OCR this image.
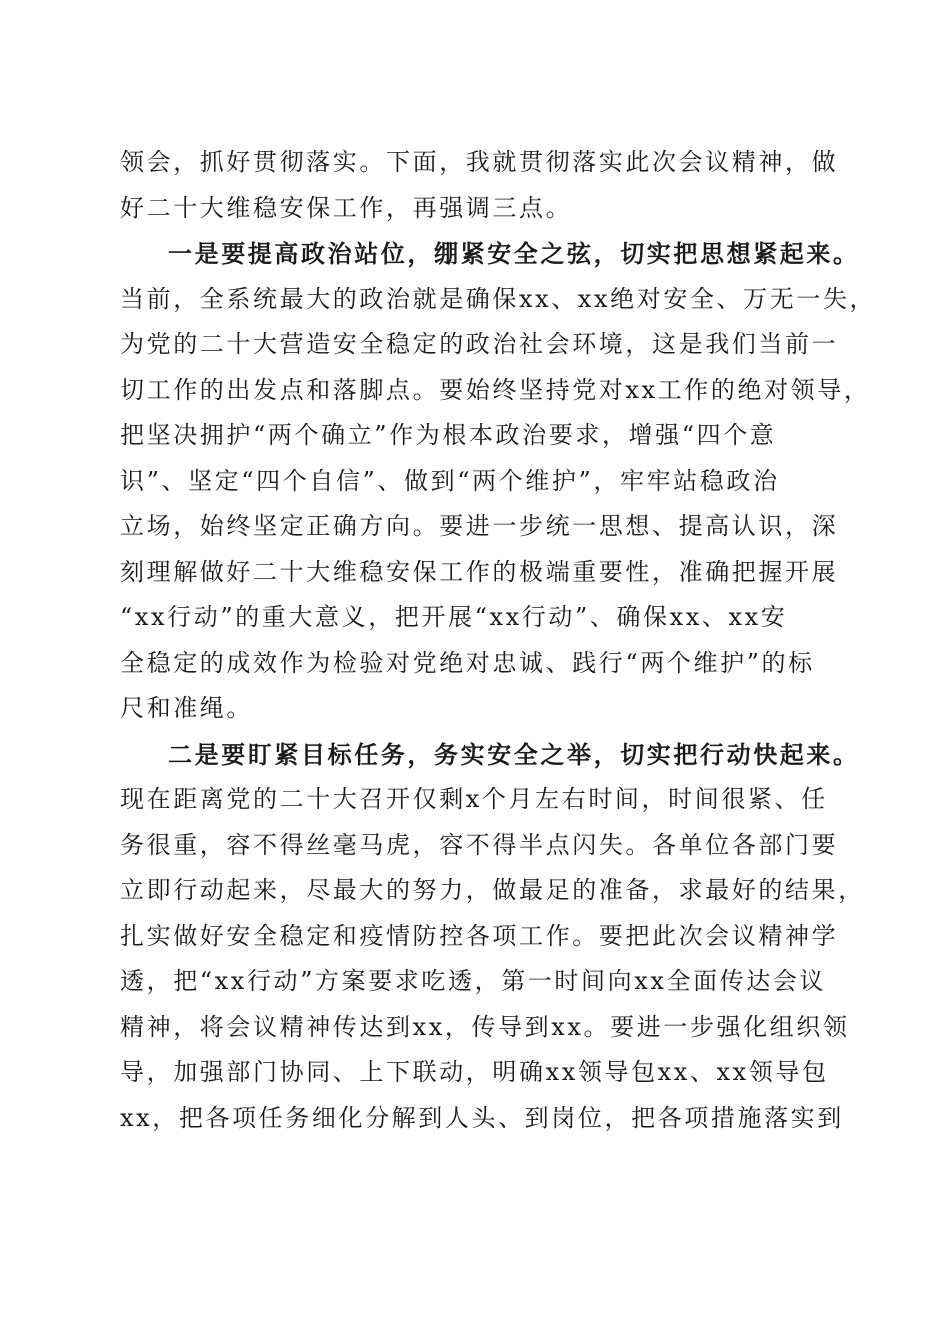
领会，抓好贯彻落实。下面，我就贯彻落实此次会议精神，做
好二十大维稳安保工作，再强调三点。
一是要提高政治站位，绷紧安全之弦，切实把思想紧起来。
当前，全系统最大的政治就是确保xx、xx绝对安全、万无一失，
为党的二十大营造安全稳定的政治社会环境，这是我们当前一
切工作的出发点和落脚点。要始终坚持党对xx工作的绝对领导，
把坚决拥护“两个确立”作为根本政治要求，增强“四个意
识”、坚定“四个自信”、做到“两个维护”，牢牢站稳政治
立场，始终坚定正确方向。要进一步统一思想、提高认识，深
刻理解做好二十大维稳安保工作的极端重要性，准确把握开展
“xx行动”的重大意义，把开展“xx行动”、确保xx、xx安
全稳定的成效作为检验对党绝对忠诚、践行“两个维护”的标
尺和准绳。
二是要盯紧目标任务，务实安全之举，切实把行动快起来。
现在距离党的二十大召开仅剩x个月左右时间，时间很紧、任
务很重，容不得丝毫马虎，容不得半点闪失。各单位各部门要
立即行动起来，尽最大的努力，做最足的准备，求最好的结果，
扎实做好安全稳定和疫情防控各项工作。要把此次会议精神学
透，把“xx行动”方案要求吃透，第一时间向xx全面传达会议
精神，将会议精神传达到xx，传导到xx。要进一步强化组织领
导，加强部门协同、上下联动，明确xx领导包xx、xx领导包
xx，把各项任务细化分解到人头、到岗位，把各项措施落实到
